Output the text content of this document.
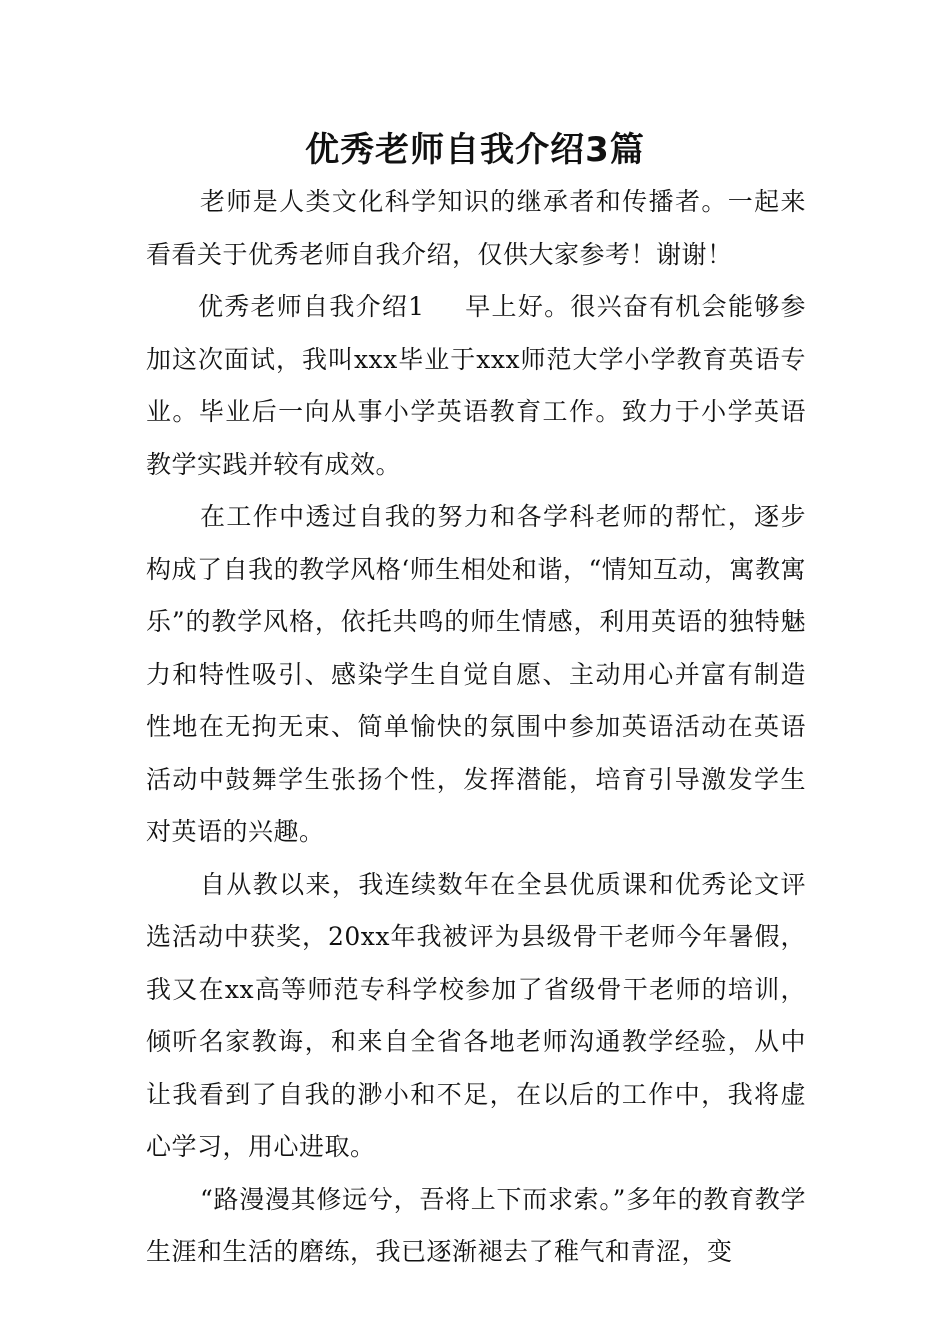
优秀老师自我介绍3篇

老师是人类文化科学知识的继承者和传播者。一起来看看关于优秀老师自我介绍，仅供大家参考！谢谢！

优秀老师自我介绍1 早上好。很兴奋有机会能够参加这次面试，我叫xxx毕业于xxx师范大学小学教育英语专业。毕业后一向从事小学英语教育工作。致力于小学英语教学实践并较有成效。

在工作中透过自我的努力和各学科老师的帮忙，逐步构成了自我的教学风格‘师生相处和谐，“情知互动，寓教寓乐”的教学风格，依托共鸣的师生情感，利用英语的独特魅力和特性吸引、感染学生自觉自愿、主动用心并富有制造性地在无拘无束、简单愉快的氛围中参加英语活动在英语活动中鼓舞学生张扬个性，发挥潜能，培育引导激发学生对英语的兴趣。

自从教以来，我连续数年在全县优质课和优秀论文评选活动中获奖，20xx年我被评为县级骨干老师今年暑假，我又在xx高等师范专科学校参加了省级骨干老师的培训，倾听名家教诲，和来自全省各地老师沟通教学经验，从中让我看到了自我的渺小和不足，在以后的工作中，我将虚心学习，用心进取。

“路漫漫其修远兮，吾将上下而求索。”多年的教育教学生涯和生活的磨练，我已逐渐褪去了稚气和青涩，变
